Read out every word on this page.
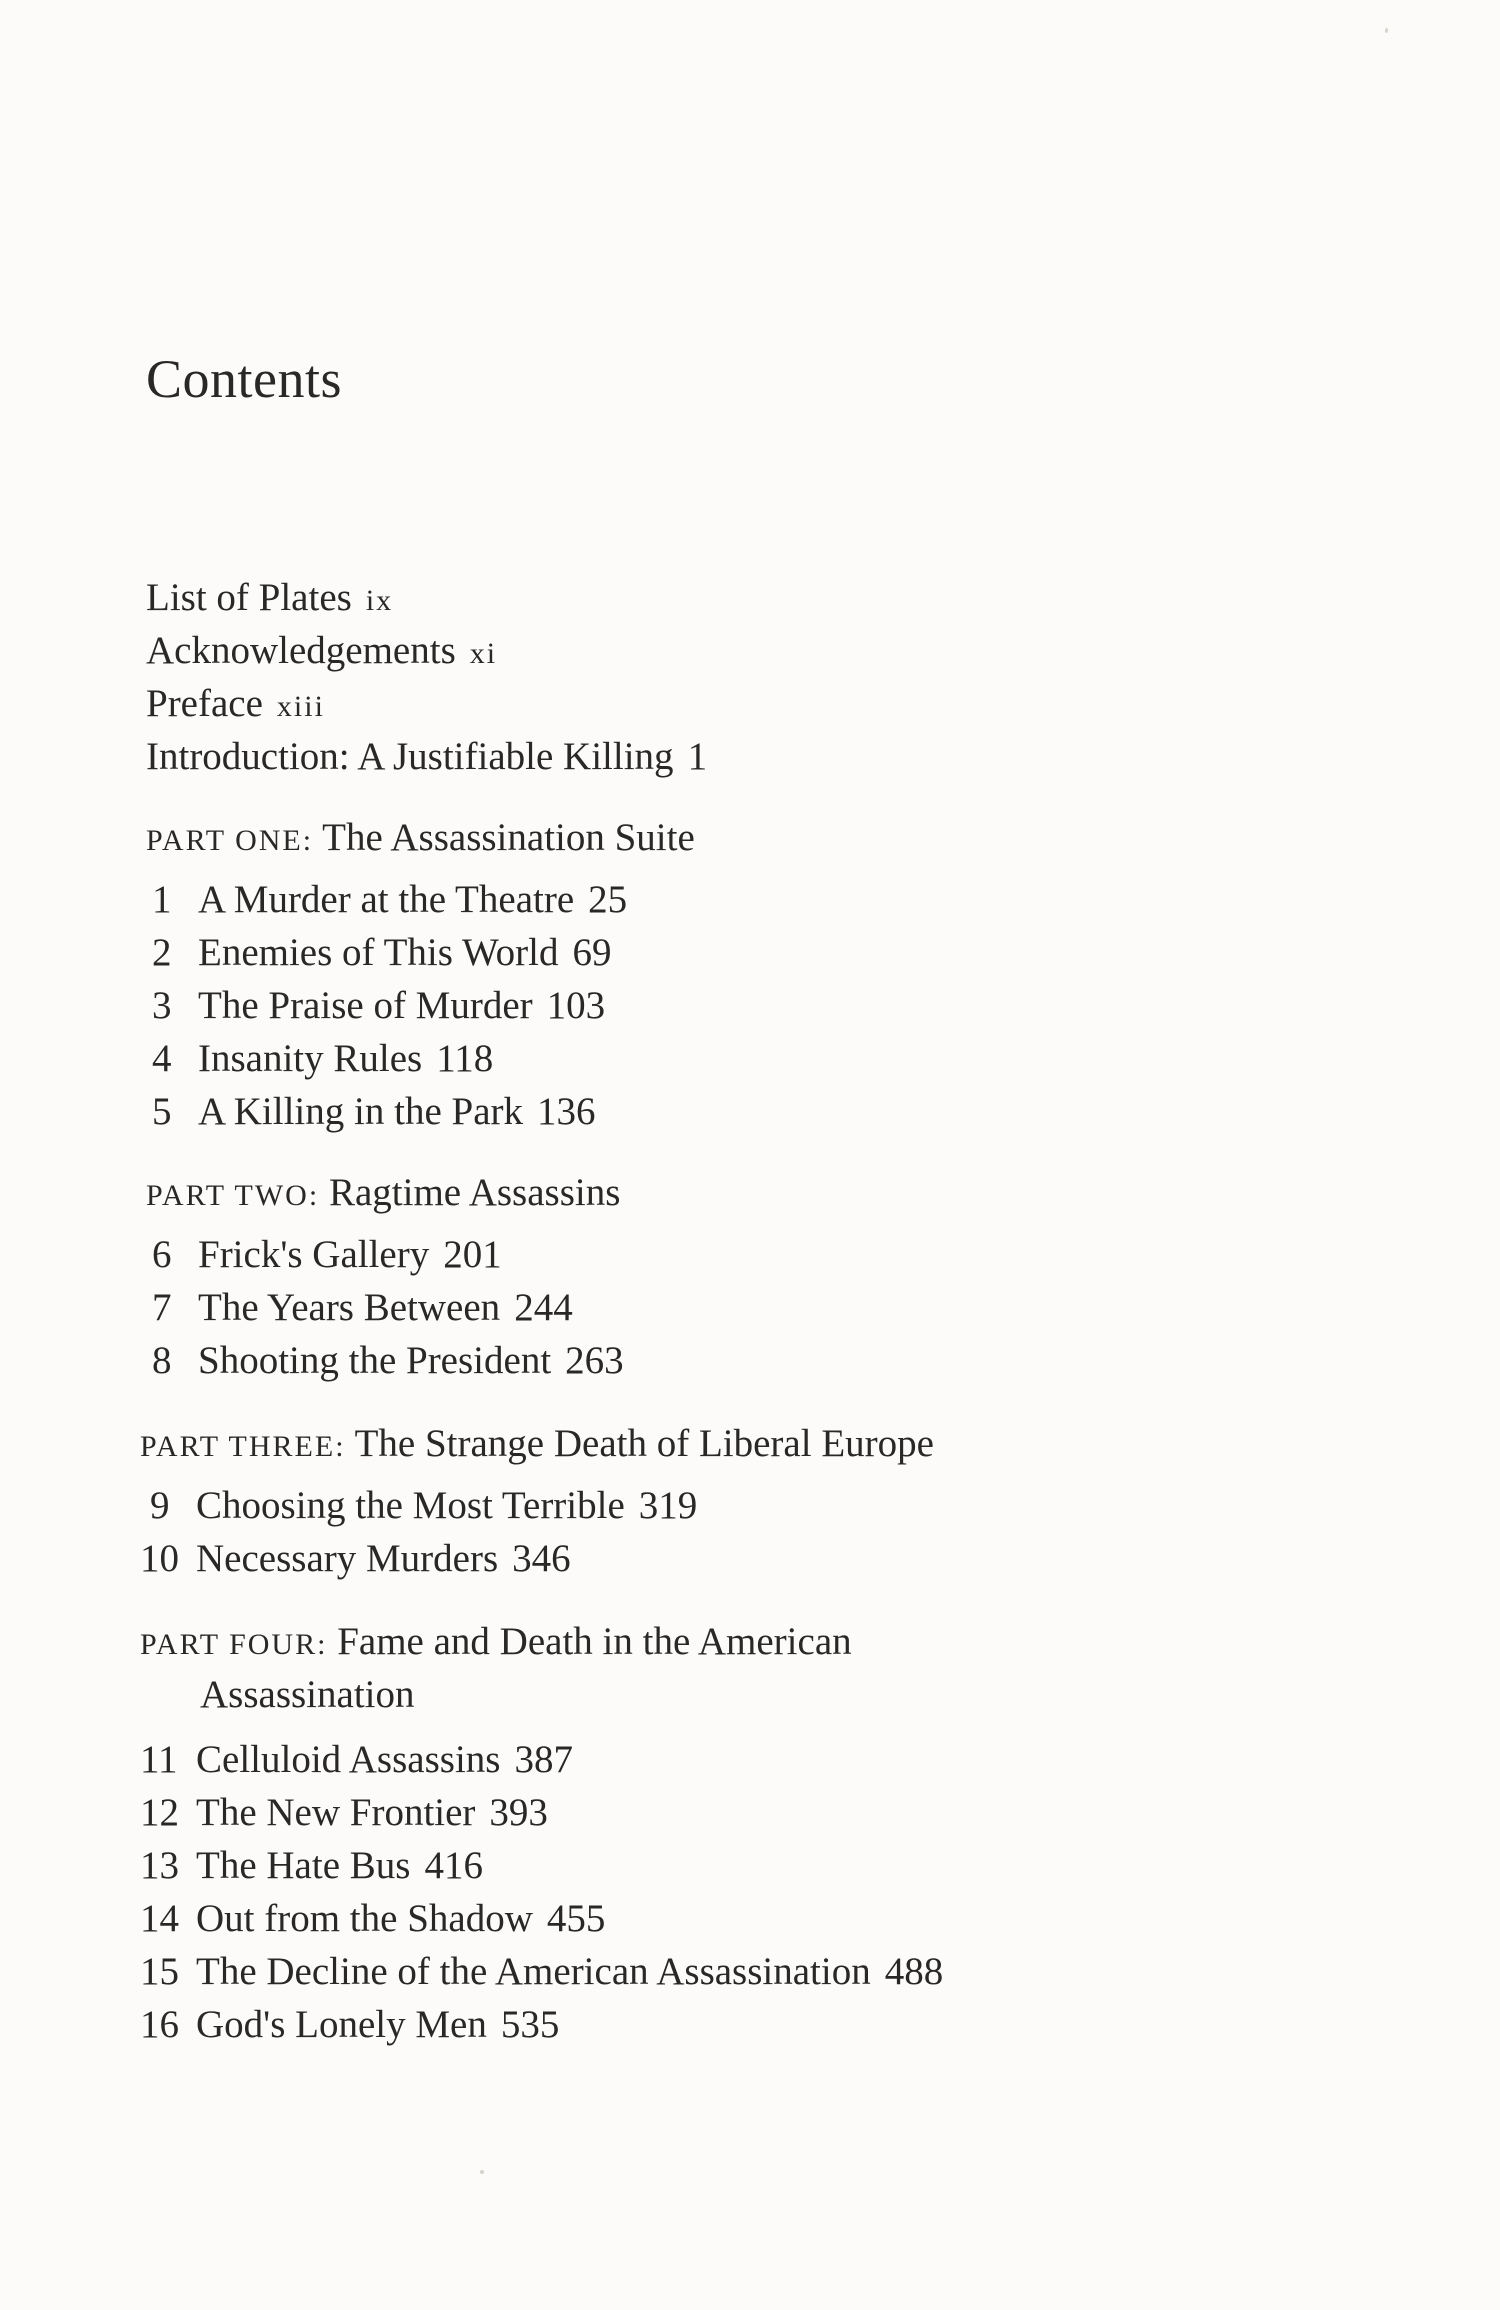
Contents
List of Plates ix
Acknowledgements xi
Preface xiii
Introduction: A Justifiable Killing 1
PART ONE: The Assassination Suite
1 A Murder at the Theatre 25
2 Enemies of This World 69
3 The Praise of Murder 103
4 Insanity Rules 118
5 A Killing in the Park 136
PART TWO: Ragtime Assassins
6 Frick's Gallery 201
7 The Years Between 244
8 Shooting the President 263
PART THREE: The Strange Death of Liberal Europe
9 Choosing the Most Terrible 319
10 Necessary Murders 346
PART FOUR: Fame and Death in the American
Assassination
11 Celluloid Assassins 387
12 The New Frontier 393
13 The Hate Bus 416
14 Out from the Shadow 455
15 The Decline of the American Assassination 488
16 God's Lonely Men 535
